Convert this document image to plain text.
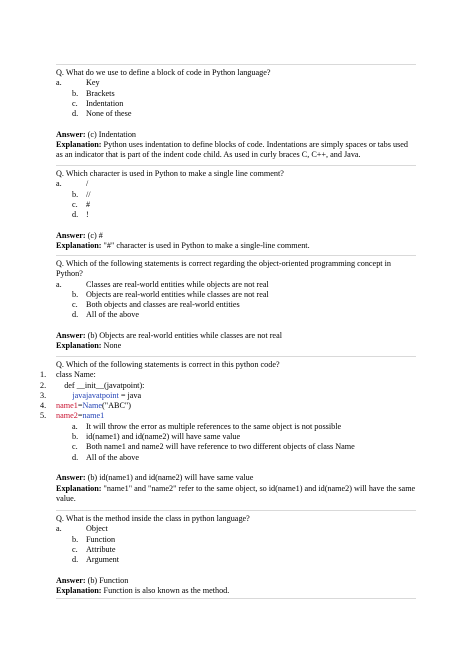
Q. What do we use to define a block of code in Python language?
a.	Key
b. Brackets
c. Indentation
d. None of these
Answer: (c) Indentation
Explanation: Python uses indentation to define blocks of code. Indentations are simply spaces or tabs used as an indicator that is part of the indent code child. As used in curly braces C, C++, and Java.
Q. Which character is used in Python to make a single line comment?
a.	/
b. //
c. #
d. !
Answer: (c) #
Explanation: "#" character is used in Python to make a single-line comment.
Q. Which of the following statements is correct regarding the object-oriented programming concept in Python?
a.	Classes are real-world entities while objects are not real
b. Objects are real-world entities while classes are not real
c. Both objects and classes are real-world entities
d. All of the above
Answer: (b) Objects are real-world entities while classes are not real
Explanation: None
Q. Which of the following statements is correct in this python code?
1. class Name:
2. def __init__(javatpoint):
3.	javajavatpoint = java
4. name1=Name("ABC")
5. name2=name1
a. It will throw the error as multiple references to the same object is not possible
b. id(name1) and id(name2) will have same value
c. Both name1 and name2 will have reference to two different objects of class Name
d. All of the above
Answer: (b) id(name1) and id(name2) will have same value
Explanation: "name1" and "name2" refer to the same object, so id(name1) and id(name2) will have the same value.
Q. What is the method inside the class in python language?
a.	Object
b. Function
c. Attribute
d. Argument
Answer: (b) Function
Explanation: Function is also known as the method.
